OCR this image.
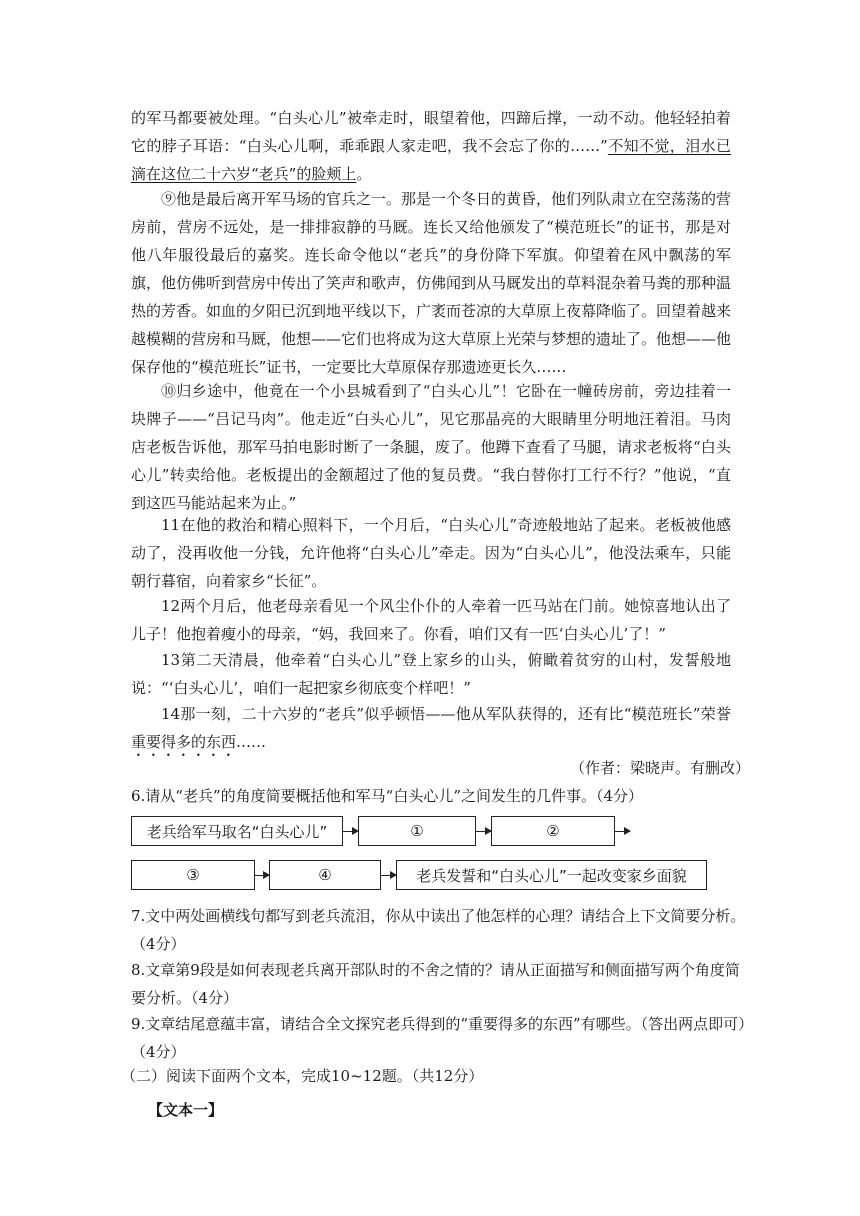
的军马都要被处理。“白头心儿”被牵走时，眼望着他，四蹄后撑，一动不动。他轻轻拍着它的脖子耳语：“白头心儿啊，乖乖跟人家走吧，我不会忘了你的……”不知不觉，泪水已滴在这位二十六岁“老兵”的脸颊上。

⑨他是最后离开军马场的官兵之一。那是一个冬日的黄昏，他们列队肃立在空荡荡的营房前，营房不远处，是一排排寂静的马厩。连长又给他颁发了“模范班长”的证书，那是对他八年服役最后的嘉奖。连长命令他以“老兵”的身份降下军旗。仰望着在风中飘荡的军旗，他仿佛听到营房中传出了笑声和歌声，仿佛闻到从马厩发出的草料混杂着马粪的那种温热的芳香。如血的夕阳已沉到地平线以下，广袤而苍凉的大草原上夜幕降临了。回望着越来越模糊的营房和马厩，他想——它们也将成为这大草原上光荣与梦想的遗址了。他想——他保存他的“模范班长”证书，一定要比大草原保存那遗迹更长久……

⑩归乡途中，他竟在一个小县城看到了“白头心儿”！它卧在一幢砖房前，旁边挂着一块牌子——“吕记马肉”。他走近“白头心儿”，见它那晶亮的大眼睛里分明地汪着泪。马肉店老板告诉他，那军马拍电影时断了一条腿，废了。他蹲下查看了马腿，请求老板将“白头心儿”转卖给他。老板提出的金额超过了他的复员费。“我白替你打工行不行？”他说，“直到这匹马能站起来为止。”

11在他的救治和精心照料下，一个月后，“白头心儿”奇迹般地站了起来。老板被他感动了，没再收他一分钱，允许他将“白头心儿”牵走。因为“白头心儿”，他没法乘车，只能朝行暮宿，向着家乡“长征”。

12两个月后，他老母亲看见一个风尘仆仆的人牵着一匹马站在门前。她惊喜地认出了儿子！他抱着瘦小的母亲，“妈，我回来了。你看，咱们又有一匹‘白头心儿’了！”

13第二天清晨，他牵着“白头心儿”登上家乡的山头，俯瞰着贫穷的山村，发誓般地说：“‘白头心儿’，咱们一起把家乡彻底变个样吧！”

14那一刻，二十六岁的“老兵”似乎顿悟——他从军队获得的，还有比“模范班长”荣誉重要得多的东西……

（作者：梁晓声。有删改）

6.请从“老兵”的角度简要概括他和军马“白头心儿”之间发生的几件事。（4分）

老兵给军马取名“白头心儿”	①	②
③	④	老兵发誓和“白头心儿”一起改变家乡面貌

7.文中两处画横线句都写到老兵流泪，你从中读出了他怎样的心理？请结合上下文简要分析。（4分）

8.文章第9段是如何表现老兵离开部队时的不舍之情的？请从正面描写和侧面描写两个角度简要分析。（4分）

9.文章结尾意蕴丰富，请结合全文探究老兵得到的“重要得多的东西”有哪些。（答出两点即可）（4分）

（二）阅读下面两个文本，完成10~12题。（共12分）

【文本一】
